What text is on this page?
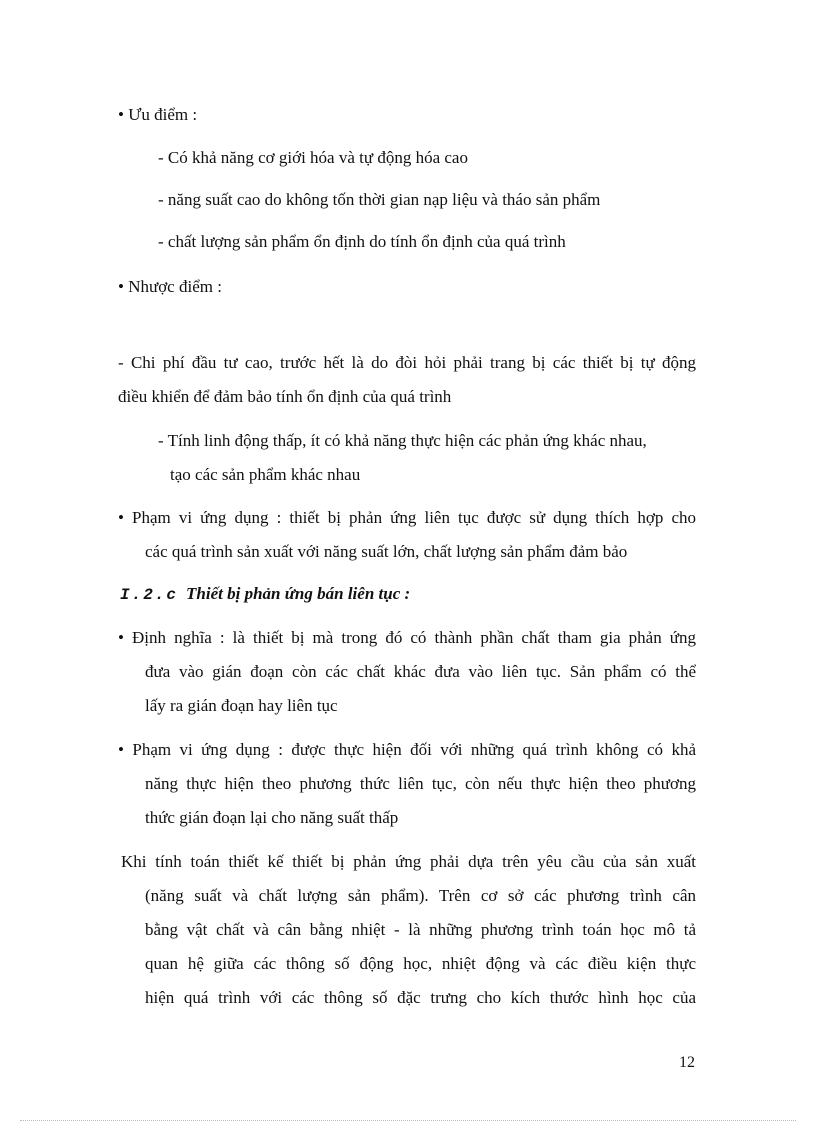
• Ưu điểm :
- Có khả năng cơ giới hóa và tự động hóa cao
- năng suất cao do không tốn thời gian nạp liệu và tháo sản phẩm
- chất lượng sản phẩm ổn định do tính ổn định của quá trình
• Nhược điểm :
- Chi phí đầu tư cao, trước hết là do đòi hỏi phải trang bị các thiết bị tự động
điều khiển để đảm bảo tính ổn định của quá trình
- Tính linh động thấp, ít có khả năng thực hiện các phản ứng khác nhau,
tạo các sản phẩm khác nhau
• Phạm vi ứng dụng : thiết bị phản ứng liên tục được sử dụng thích hợp cho
các quá trình sản xuất với năng suất lớn, chất lượng sản phẩm đảm bảo
I.2.c Thiết bị phản ứng bán liên tục :
• Định nghĩa : là thiết bị mà trong đó có thành phần chất tham gia phản ứng
đưa vào gián đoạn còn các chất khác đưa vào liên tục. Sản phẩm có thể
lấy ra gián đoạn hay liên tục
• Phạm vi ứng dụng : được thực hiện đối với những quá trình không có khả
năng thực hiện theo phương thức liên tục, còn nếu thực hiện theo phương
thức gián đoạn lại cho năng suất thấp
Khi tính toán thiết kế thiết bị phản ứng phải dựa trên yêu cầu của sản xuất
(năng suất và chất lượng sản phẩm). Trên cơ sở các phương trình cân
bằng vật chất và cân bằng nhiệt - là những phương trình toán học mô tả
quan hệ giữa các thông số động học, nhiệt động và các điều kiện thực
hiện quá trình với các thông số đặc trưng cho kích thước hình học của
12
